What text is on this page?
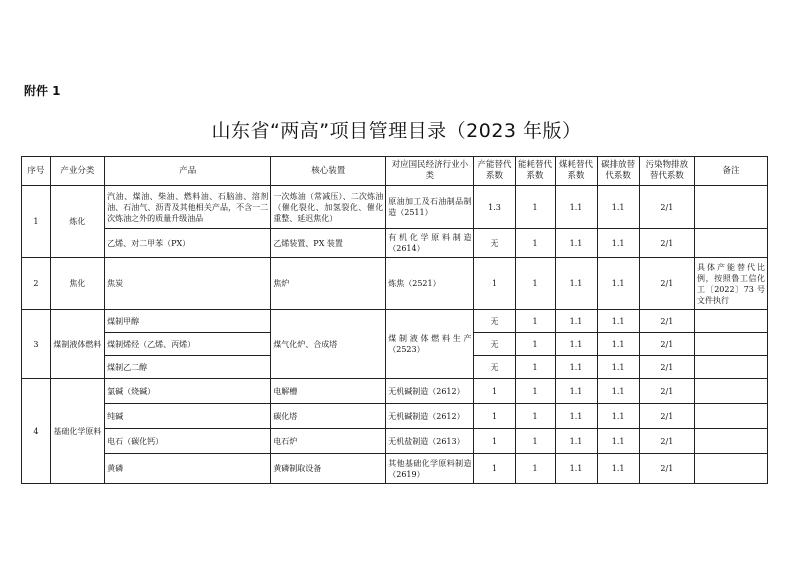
附件 1
山东省“两高”项目管理目录（2023 年版）
序号	产业分类	产品	核心装置	对应国民经济行业小类	产能替代系数	能耗替代系数	煤耗替代系数	碳排放替代系数	污染物排放替代系数	备注
1	炼化	汽油、煤油、柴油、燃料油、石脑油、溶剂油、石油气、沥青及其他相关产品，不含一二次炼油之外的质量升级油品	一次炼油（常减压）、二次炼油（催化裂化、加氢裂化、催化重整、延迟焦化）	原油加工及石油制品制造（2511）	1.3	1	1.1	1.1	2/1	
		乙烯、对二甲苯（PX）	乙烯装置、PX 装置	有机化学原料制造（2614）	无	1	1.1	1.1	2/1	
2	焦化	焦炭	焦炉	炼焦（2521）	1	1	1.1	1.1	2/1	具体产能替代比例，按照鲁工信化工〔2022〕73 号文件执行
3	煤制液体燃料	煤制甲醇	煤气化炉、合成塔	煤制液体燃料生产（2523）	无	1	1.1	1.1	2/1	
		煤制烯烃（乙烯、丙烯）			无	1	1.1	1.1	2/1	
		煤制乙二醇			无	1	1.1	1.1	2/1	
4	基础化学原料	氯碱（烧碱）	电解槽	无机碱制造（2612）	1	1	1.1	1.1	2/1	
		纯碱	碳化塔	无机碱制造（2612）	1	1	1.1	1.1	2/1	
		电石（碳化钙）	电石炉	无机盐制造（2613）	1	1	1.1	1.1	2/1	
		黄磷	黄磷制取设备	其他基础化学原料制造（2619）	1	1	1.1	1.1	2/1	
